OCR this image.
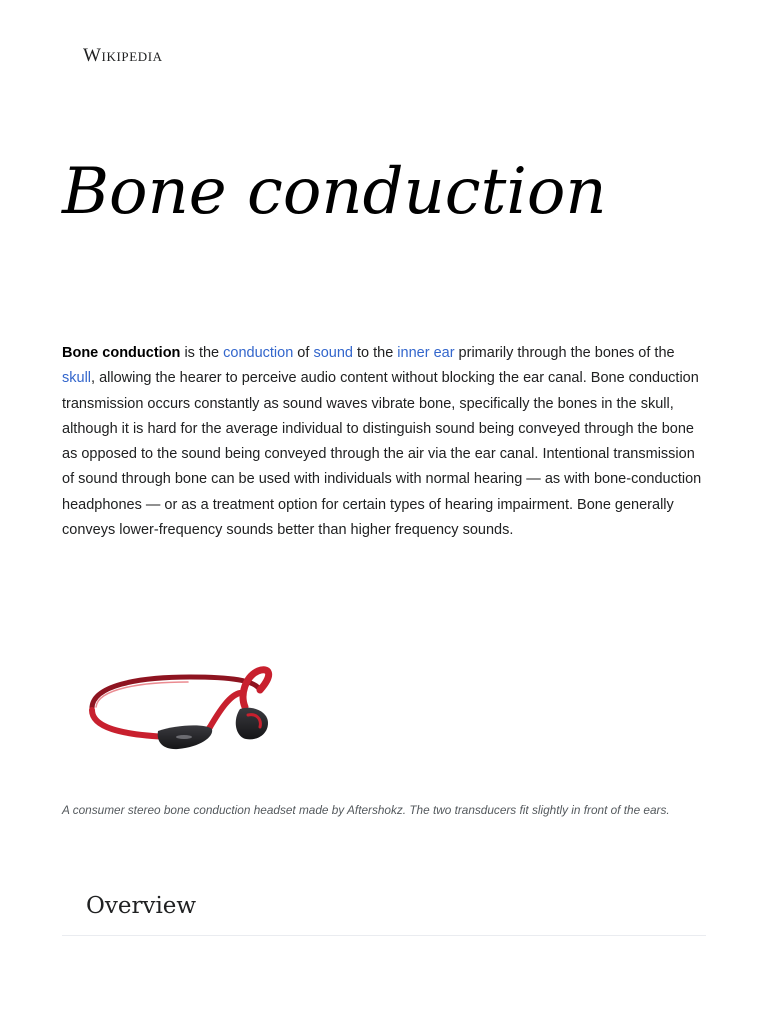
Wikipedia
Bone conduction

Bone conduction is the conduction of sound to the inner ear primarily through the bones of the skull, allowing the hearer to perceive audio content without blocking the ear canal. Bone conduction transmission occurs constantly as sound waves vibrate bone, specifically the bones in the skull, although it is hard for the average individual to distinguish sound being conveyed through the bone as opposed to the sound being conveyed through the air via the ear canal. Intentional transmission of sound through bone can be used with individuals with normal hearing — as with bone-conduction headphones — or as a treatment option for certain types of hearing impairment. Bone generally conveys lower-frequency sounds better than higher frequency sounds.

A consumer stereo bone conduction headset made by Aftershokz. The two transducers fit slightly in front of the ears.

Overview
